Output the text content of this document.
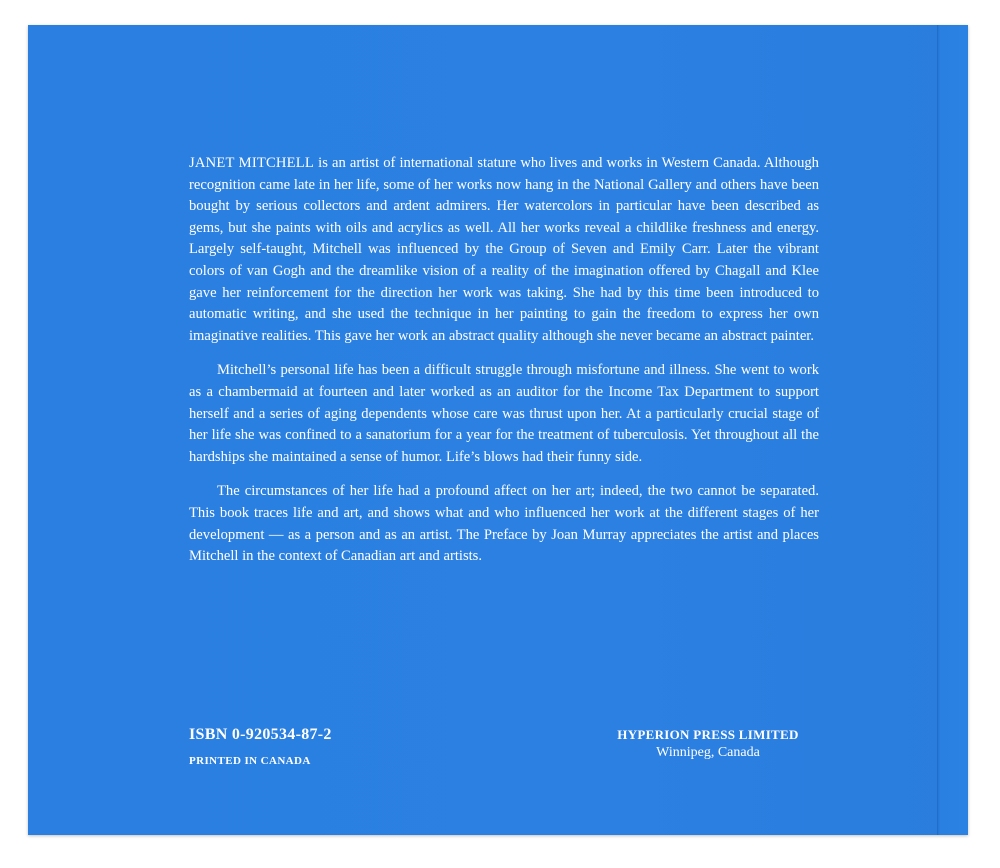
JANET MITCHELL is an artist of international stature who lives and works in Western Canada. Although recognition came late in her life, some of her works now hang in the National Gallery and others have been bought by serious collectors and ardent admirers. Her watercolors in particular have been described as gems, but she paints with oils and acrylics as well. All her works reveal a childlike freshness and energy. Largely self-taught, Mitchell was influenced by the Group of Seven and Emily Carr. Later the vibrant colors of van Gogh and the dreamlike vision of a reality of the imagination offered by Chagall and Klee gave her reinforcement for the direction her work was taking. She had by this time been introduced to automatic writing, and she used the technique in her painting to gain the freedom to express her own imaginative realities. This gave her work an abstract quality although she never became an abstract painter.

Mitchell’s personal life has been a difficult struggle through misfortune and illness. She went to work as a chambermaid at fourteen and later worked as an auditor for the Income Tax Department to support herself and a series of aging dependents whose care was thrust upon her. At a particularly crucial stage of her life she was confined to a sanatorium for a year for the treatment of tuberculosis. Yet throughout all the hardships she maintained a sense of humor. Life’s blows had their funny side.

The circumstances of her life had a profound affect on her art; indeed, the two cannot be separated. This book traces life and art, and shows what and who influenced her work at the different stages of her development — as a person and as an artist. The Preface by Joan Murray appreciates the artist and places Mitchell in the context of Canadian art and artists.

ISBN 0-920534-87-2
PRINTED IN CANADA
HYPERION PRESS LIMITED
Winnipeg, Canada
